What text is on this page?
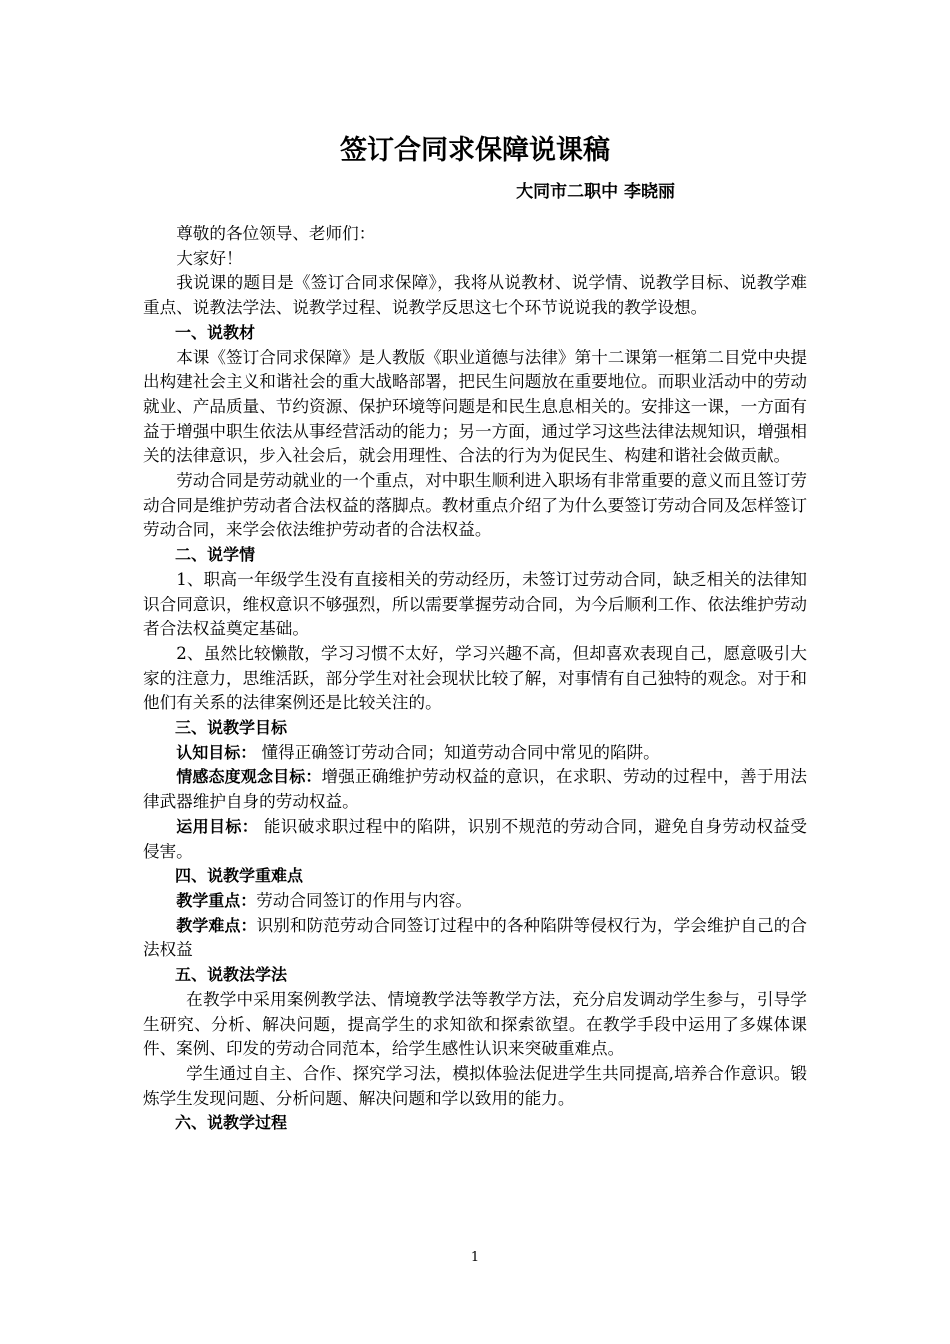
签订合同求保障说课稿
大同市二职中 李晓丽

尊敬的各位领导、老师们：

大家好！

我说课的题目是《签订合同求保障》，我将从说教材、说学情、说教学目标、说教学难重点、说教法学法、说教学过程、说教学反思这七个环节说说我的教学设想。

一、说教材

本课《签订合同求保障》是人教版《职业道德与法律》第十二课第一框第二目党中央提出构建社会主义和谐社会的重大战略部署，把民生问题放在重要地位。而职业活动中的劳动就业、产品质量、节约资源、保护环境等问题是和民生息息相关的。安排这一课，一方面有益于增强中职生依法从事经营活动的能力；另一方面，通过学习这些法律法规知识，增强相关的法律意识，步入社会后，就会用理性、合法的行为为促民生、构建和谐社会做贡献。

劳动合同是劳动就业的一个重点，对中职生顺利进入职场有非常重要的意义而且签订劳动合同是维护劳动者合法权益的落脚点。教材重点介绍了为什么要签订劳动合同及怎样签订劳动合同，来学会依法维护劳动者的合法权益。

二、说学情

1、职高一年级学生没有直接相关的劳动经历，未签订过劳动合同，缺乏相关的法律知识合同意识，维权意识不够强烈，所以需要掌握劳动合同，为今后顺利工作、依法维护劳动者合法权益奠定基础。

2、虽然比较懒散，学习习惯不太好，学习兴趣不高，但却喜欢表现自己，愿意吸引大家的注意力，思维活跃，部分学生对社会现状比较了解，对事情有自己独特的观念。对于和他们有关系的法律案例还是比较关注的。

三、说教学目标

认知目标： 懂得正确签订劳动合同；知道劳动合同中常见的陷阱。

情感态度观念目标：增强正确维护劳动权益的意识，在求职、劳动的过程中，善于用法律武器维护自身的劳动权益。

运用目标： 能识破求职过程中的陷阱，识别不规范的劳动合同，避免自身劳动权益受侵害。

四、说教学重难点

教学重点：劳动合同签订的作用与内容。

教学难点：识别和防范劳动合同签订过程中的各种陷阱等侵权行为，学会维护自己的合法权益

五、说教法学法

在教学中采用案例教学法、情境教学法等教学方法，充分启发调动学生参与，引导学生研究、分析、解决问题，提高学生的求知欲和探索欲望。在教学手段中运用了多媒体课件、案例、印发的劳动合同范本，给学生感性认识来突破重难点。

学生通过自主、合作、探究学习法，模拟体验法促进学生共同提高,培养合作意识。锻炼学生发现问题、分析问题、解决问题和学以致用的能力。

六、说教学过程

1
